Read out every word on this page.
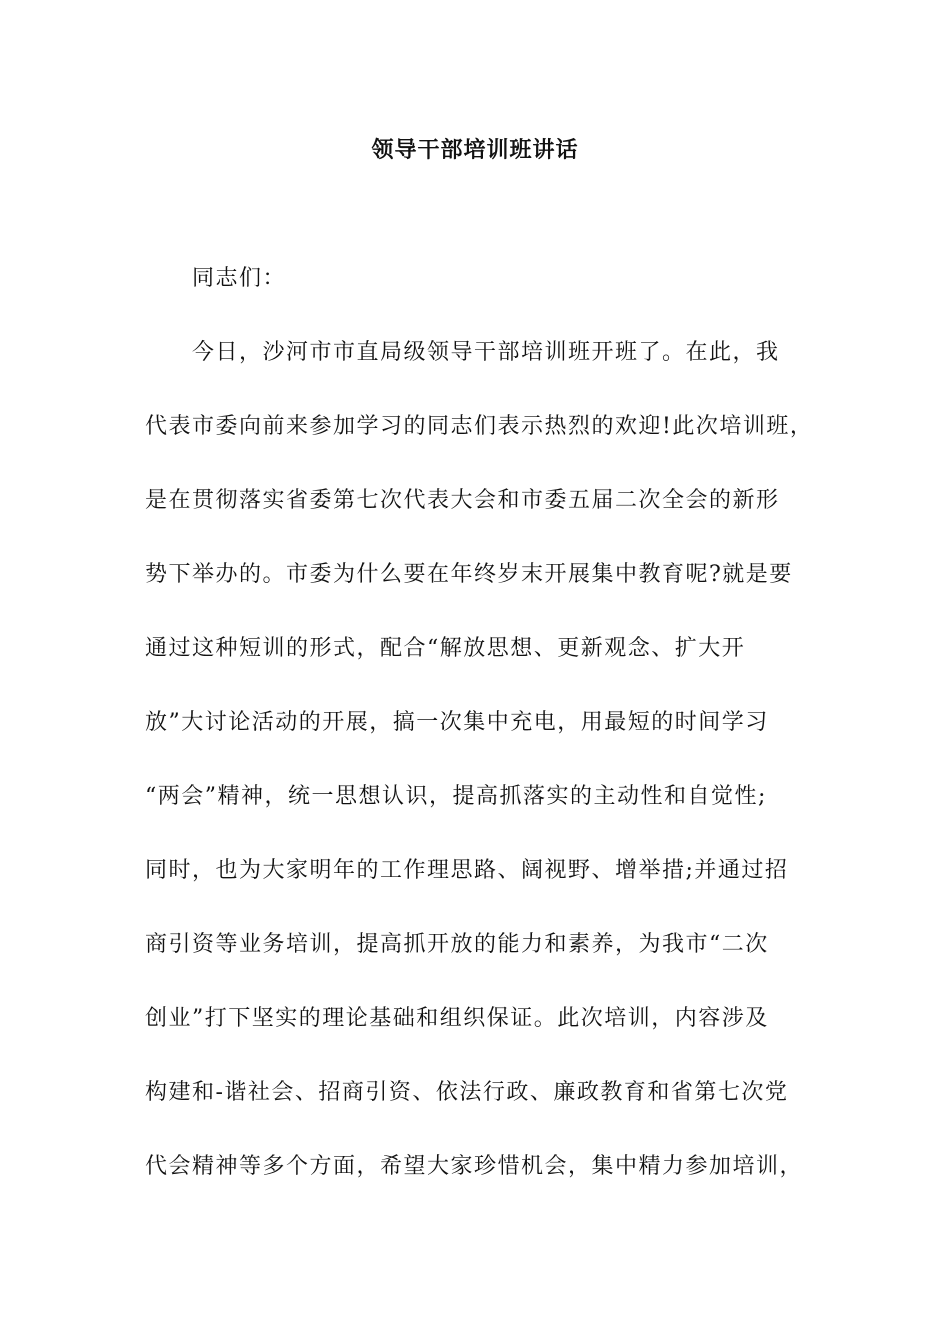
领导干部培训班讲话
同志们：
今日，沙河市市直局级领导干部培训班开班了。在此，我
代表市委向前来参加学习的同志们表示热烈的欢迎!此次培训班，
是在贯彻落实省委第七次代表大会和市委五届二次全会的新形
势下举办的。市委为什么要在年终岁末开展集中教育呢?就是要
通过这种短训的形式，配合“解放思想、更新观念、扩大开
放”大讨论活动的开展，搞一次集中充电，用最短的时间学习
“两会”精神，统一思想认识，提高抓落实的主动性和自觉性;
同时，也为大家明年的工作理思路、阔视野、增举措;并通过招
商引资等业务培训，提高抓开放的能力和素养，为我市“二次
创业”打下坚实的理论基础和组织保证。此次培训，内容涉及
构建和-谐社会、招商引资、依法行政、廉政教育和省第七次党
代会精神等多个方面，希望大家珍惜机会，集中精力参加培训，
